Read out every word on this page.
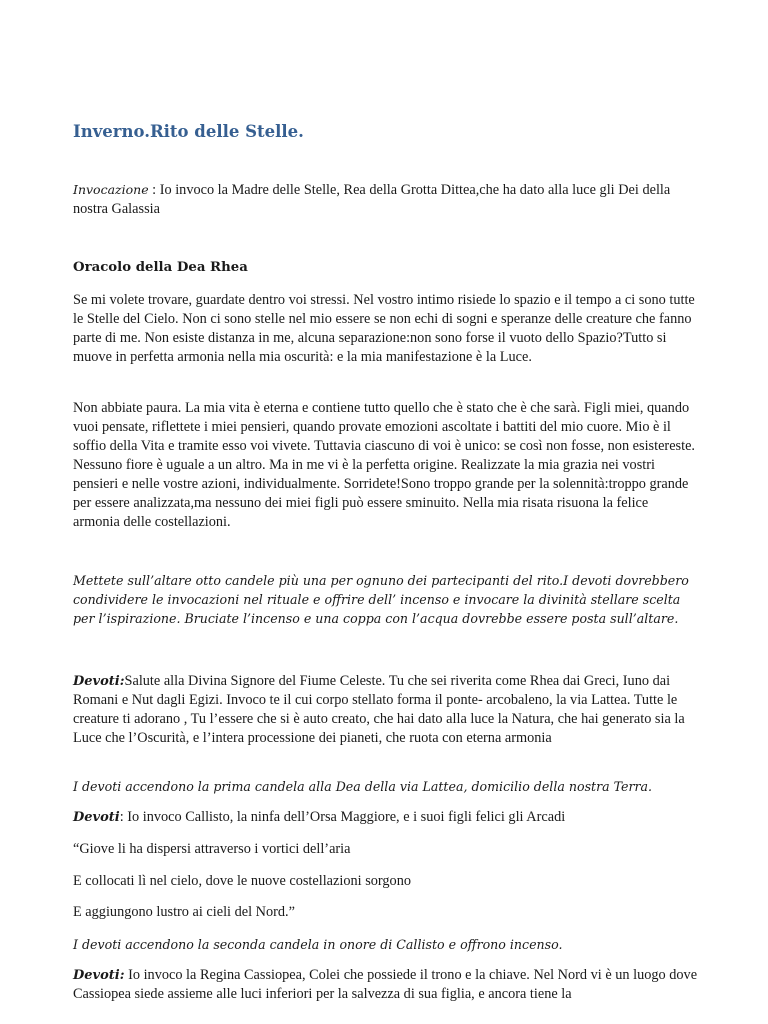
Inverno.Rito delle Stelle.

Invocazione : Io invoco la Madre delle Stelle, Rea della Grotta Dittea,che ha dato alla luce gli Dei della nostra Galassia

Oracolo della Dea Rhea

Se mi volete trovare, guardate dentro voi stressi. Nel vostro intimo risiede lo spazio e il tempo a ci sono tutte le Stelle del Cielo. Non ci sono stelle nel mio essere se non echi di sogni e speranze delle creature che fanno parte di me. Non esiste distanza in me, alcuna separazione:non sono forse il vuoto dello Spazio?Tutto si muove in perfetta armonia nella mia oscurità: e la mia manifestazione è la Luce.

Non abbiate paura. La mia vita è eterna e contiene tutto quello che è stato che è che sarà. Figli miei, quando vuoi pensate, riflettete i miei pensieri, quando provate emozioni ascoltate i battiti del mio cuore. Mio è il soffio della Vita e tramite esso voi vivete. Tuttavia ciascuno di voi è unico: se così non fosse, non esistereste. Nessuno fiore è uguale a un altro. Ma in me vi è la perfetta origine. Realizzate la mia grazia nei vostri pensieri e nelle vostre azioni, individualmente. Sorridete!Sono troppo grande per la solennità:troppo grande per essere analizzata,ma nessuno dei miei figli può essere sminuito. Nella mia risata risuona la felice armonia delle costellazioni.

Mettete sull’altare otto candele più una per ognuno dei partecipanti del rito.I devoti dovrebbero condividere le invocazioni nel rituale e offrire dell’ incenso e invocare la divinità stellare scelta per l’ispirazione. Bruciate l’incenso e una coppa con l’acqua dovrebbe essere posta sull’altare.

Devoti:Salute alla Divina Signore del Fiume Celeste. Tu che sei riverita come Rhea dai Greci, Iuno dai Romani e Nut dagli Egizi. Invoco te il cui corpo stellato forma il ponte- arcobaleno, la via Lattea. Tutte le creature ti adorano , Tu l’essere che si è auto creato, che hai dato alla luce la Natura, che hai generato sia la Luce che l’Oscurità, e l’intera processione dei pianeti, che ruota con eterna armonia

I devoti accendono la prima candela alla Dea della via Lattea, domicilio della nostra Terra.

Devoti: Io invoco Callisto, la ninfa dell’Orsa Maggiore, e i suoi figli felici gli Arcadi

“Giove li ha dispersi attraverso i vortici dell’aria

E collocati lì nel cielo, dove le nuove costellazioni sorgono

E aggiungono lustro ai cieli del Nord.”

I devoti accendono la seconda candela in onore di Callisto e offrono incenso.

Devoti: Io invoco la Regina Cassiopea, Colei che possiede il trono e la chiave. Nel Nord vi è un luogo dove Cassiopea siede assieme alle luci inferiori per la salvezza di sua figlia, e ancora tiene la
